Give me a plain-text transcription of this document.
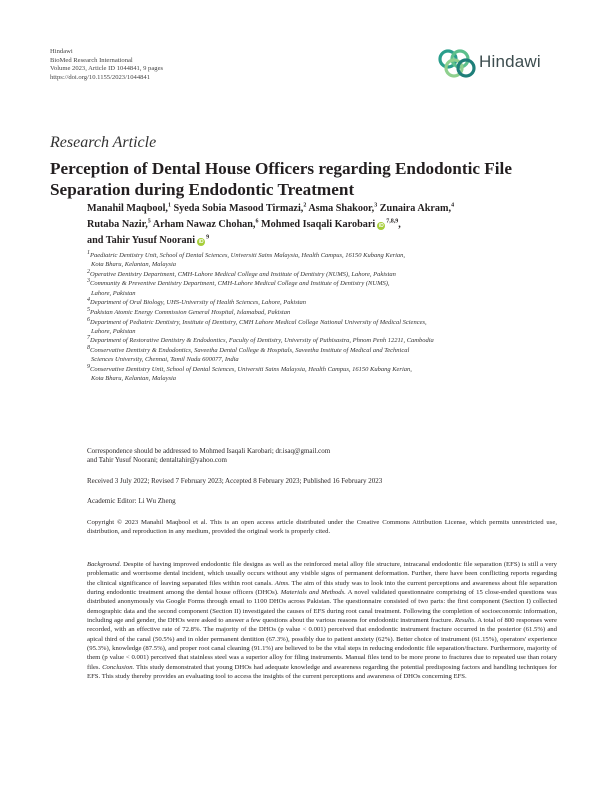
Hindawi
BioMed Research International
Volume 2023, Article ID 1044841, 9 pages
https://doi.org/10.1155/2023/1044841
Hindawi
Research Article
Perception of Dental House Officers regarding Endodontic File Separation during Endodontic Treatment

Manahil Maqbool,$^1$ Syeda Sobia Masood Tirmazi,$^2$ Asma Shakoor,$^3$ Zunaira Akram,$^4$

Rutaba Nazir,$^5$ Arham Nawaz Chohan,$^6$ Mohmed Isaqali Karobari iD$^{7,8,9}$,

and Tahir Yusuf Noorani $iD^9$

$^1$Paediatric Dentistry Unit, School of Dental Sciences, Universiti Sains Malaysia, Health Campus, 16150 Kubang Kerian,
Kota Bharu, Kelantan, Malaysia
$^2$Operative Dentistry Department, CMH-Lahore Medical College and Institute of Dentistry (NUMS), Lahore, Pakistan
$^3$Community & Preventive Dentistry Department, CMH-Lahore Medical College and Institute of Dentistry (NUMS),
Lahore, Pakistan
$^4$Department of Oral Biology, UHS-University of Health Sciences, Lahore, Pakistan
$^5$Pakistan Atomic Energy Commission General Hospital, Islamabad, Pakistan
$^6$Department of Pediatric Dentistry, Institute of Dentistry, CMH Lahore Medical College National University of Medical Sciences,
Lahore, Pakistan
$^7$Department of Restorative Dentistry & Endodontics, Faculty of Dentistry, University of Puthisastra, Phnom Penh 12211, Cambodia
$^8$Conservative Dentistry & Endodontics, Saveetha Dental College & Hospitals, Saveetha Institute of Medical and Technical
Sciences University, Chennai, Tamil Nadu 600077, India
$^9$Conservative Dentistry Unit, School of Dental Sciences, Universiti Sains Malaysia, Health Campus, 16150 Kubang Kerian,
Kota Bharu, Kelantan, Malaysia
Correspondence should be addressed to Mohmed Isaqali Karobari; dr.isaq@gmail.com
and Tahir Yusuf Noorani; dentaltahir@yahoo.com
Received 3 July 2022; Revised 7 February 2023; Accepted 8 February 2023; Published 16 February 2023
Academic Editor: Li Wu Zheng
Copyright © 2023 Manahil Maqbool et al. This is an open access article distributed under the Creative Commons Attribution License, which permits unrestricted use, distribution, and reproduction in any medium, provided the original work is properly cited.

Background. Despite of having improved endodontic file designs as well as the reinforced metal alloy file structure, intracanal endodontic file separation (EFS) is still a very problematic and worrisome dental incident, which usually occurs without any visible signs of permanent deformation. Further, there have been conflicting reports regarding the clinical significance of leaving separated files within root canals. Aims. The aim of this study was to look into the current perceptions and awareness about file separation during endodontic treatment among the dental house officers (DHOs). Materials and Methods. A novel validated questionnaire comprising of 15 close-ended questions was distributed anonymously via Google Forms through email to 1100 DHOs across Pakistan. The questionnaire consisted of two parts: the first component (Section I) collected demographic data and the second component (Section II) investigated the causes of EFS during root canal treatment. Following the completion of socioeconomic information, including age and gender, the DHOs were asked to answer a few questions about the various reasons for endodontic instrument fracture. Results. A total of 800 responses were recorded, with an effective rate of 72.8%. The majority of the DHOs (p value < 0.001) perceived that endodontic instrument fracture occurred in the posterior (61.5%) and apical third of the canal (50.5%) and in older permanent dentition (67.3%), possibly due to patient anxiety (62%). Better choice of instrument (61.15%), operators' experience (95.3%), knowledge (87.5%), and proper root canal cleaning (91.1%) are believed to be the vital steps in reducing endodontic file separation/fracture. Furthermore, majority of them (p value < 0.001) perceived that stainless steel was a superior alloy for filing instruments. Manual files tend to be more prone to fractures due to repeated use than rotary files. Conclusion. This study demonstrated that young DHOs had adequate knowledge and awareness regarding the potential predisposing factors and handling techniques for EFS. This study thereby provides an evaluating tool to access the insights of the current perceptions and awareness of DHOs concerning EFS.
